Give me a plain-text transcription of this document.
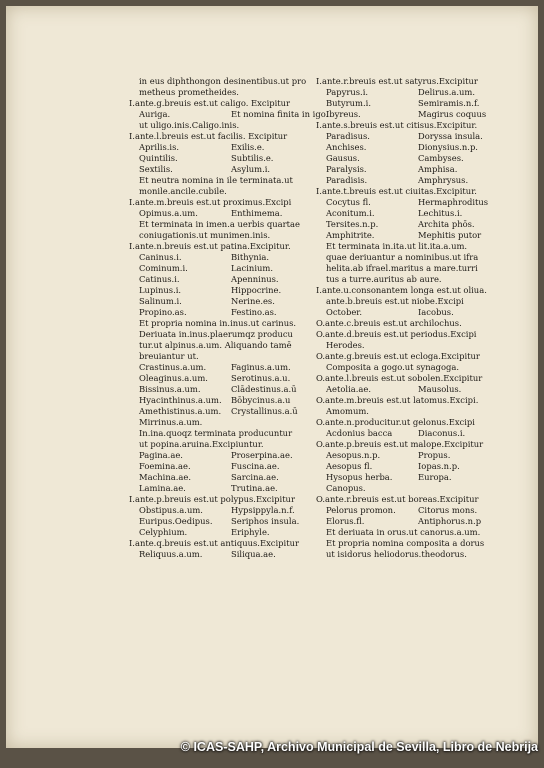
in eus diphthongon desinentibus.ut pro
metheus prometheides.
I.ante.g.breuis est.ut caligo. Excipitur
Auriga.	Et nomina finita in igo.
ut uligo.inis.Caligo.inis.
I.ante.l.breuis est.ut facilis. Excipitur
Aprilis.is.	Exilis.e.
Quintilis.	Subtilis.e.
Sextilis.	Asylum.i.
Et neutra nomina in ile terminata.ut
monile.ancile.cubile.
I.ante.m.breuis est.ut proximus.Excipi
Opimus.a.um.	Enthimema.
Et terminata in imen.a uerbis quartae
coniugationis.ut munimen.inis.
I.ante.n.breuis est.ut patina.Excipitur.
Caninus.i.	Bithynia.
Cominum.i.	Lacinium.
Catinus.i.	Apenninus.
Lupinus.i.	Hippocrine.
Salinum.i.	Nerine.es.
Propino.as.	Festino.as.
Et propria nomina in.inus.ut carinus.
Deriuata in.inus.plaerumqz producu
tur.ut alpinus.a.um. Aliquando tamē
breuiantur ut.
Crastinus.a.um.	Faginus.a.um.
Oleaginus.a.um.	Serotinus.a.u.
Bissinus.a.um.	Clādestinus.a.ū
Hyacinthinus.a.um. Bōbycinus.a.u
Amethistinus.a.um. Crystallinus.a.ū
Mirrinus.a.um.
In.ina.quoqz terminata producuntur
ut popina.aruina.Excipiuntur.
Pagina.ae.	Proserpina.ae.
Foemina.ae.	Fuscina.ae.
Machina.ae.	Sarcina.ae.
Lamina.ae.	Trutina.ae.
I.ante.p.breuis est.ut polypus.Excipitur
Obstipus.a.um.	Hypsippyla.n.f.
Euripus.Oedipus. Seriphos insula.
Celyphium.	Eriphyle.
I.ante.q.breuis est.ut antiquus.Excipitur
Reliquus.a.um.	Siliqua.ae.
I.ante.r.breuis est.ut satyrus.Excipitur
Papyrus.i.	Delirus.a.um.
Butyrum.i.	Semiramis.n.f.
Ibyreus.	Magirus coquus
I.ante.s.breuis est.ut citisus.Excipitur.
Paradisus.	Doryssa insula.
Anchises.	Dionysius.n.p.
Gausus.	Cambyses.
Paralysis.	Amphisa.
Paradisis.	Amphrysus.
I.ante.t.breuis est.ut ciuitas.Excipitur.
Cocytus fl.	Hermaphroditus
Aconitum.i.	Lechitus.i.
Tersites.n.p.	Archita phōs.
Amphitrite.	Mephitis putor
Et terminata in.ita.ut lit.ita.a.um.
quae deriuantur a nominibus.ut ifra
helita.ab ifrael.maritus a mare.turri
tus a turre.auritus ab aure.
I.ante.u.consonantem longa est.ut oliua.
ante.b.breuis est.ut niobe.Excipi
October.	Iacobus.
O.ante.c.breuis est.ut archilochus.
O.ante.d.breuis est.ut periodus.Excipi
Herodes.
O.ante.g.breuis est.ut ecloga.Excipitur
Composita a gogo.ut synagoga.
O.ante.l.breuis est.ut sobolen.Excipitur
Aetolia.ae.	Mausolus.
O.ante.m.breuis est.ut latomus.Excipi.
Amomum.
O.ante.n.producitur.ut gelonus.Excipi
Acdonius bacca	Diaconus.i.
O.ante.p.breuis est.ut malope.Excipitur
Aesopus.n.p.	Propus.
Aesopus fl.	Iopas.n.p.
Hysopus herba.	Europa.
Canopus.
O.ante.r.breuis est.ut boreas.Excipitur
Pelorus promon.	Citorus mons.
Elorus.fl.	Antiphorus.n.p
Et deriuata in orus.ut canorus.a.um.
Et propria nomina composita a dorus
ut isidorus heliodorus.theodorus.
© ICAS-SAHP, Archivo Municipal de Sevilla, Libro de Nebrija
